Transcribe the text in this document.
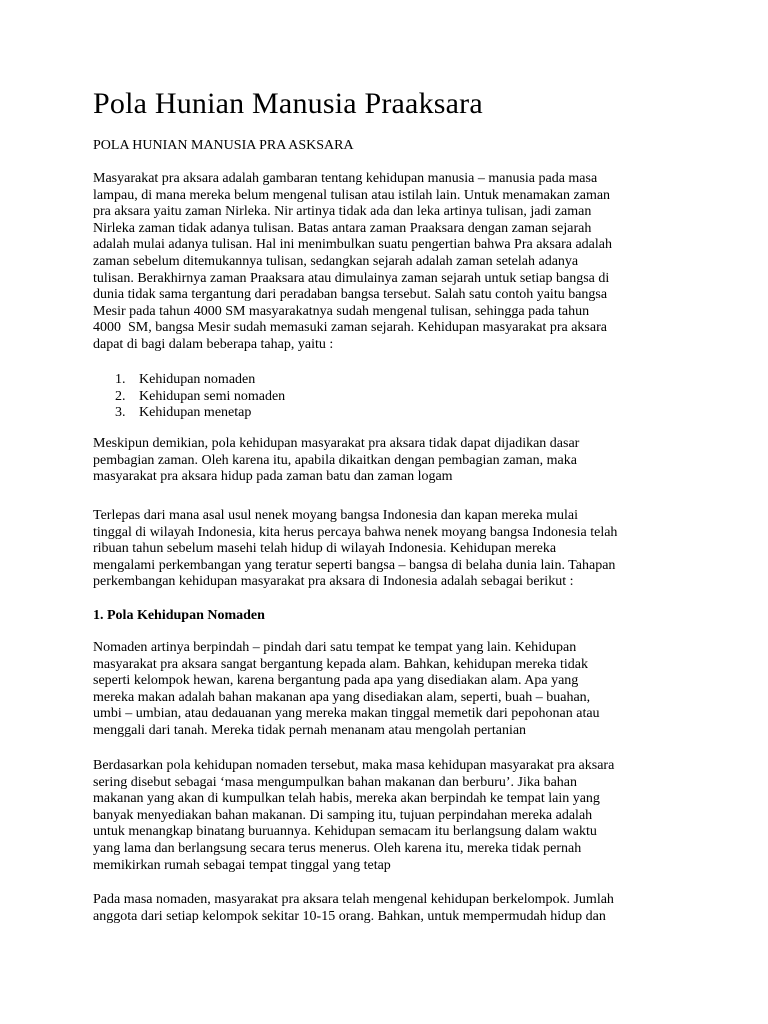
Pola Hunian Manusia Praaksara
POLA HUNIAN MANUSIA PRA ASKSARA

Masyarakat pra aksara adalah gambaran tentang kehidupan manusia – manusia pada masa
lampau, di mana mereka belum mengenal tulisan atau istilah lain. Untuk menamakan zaman
pra aksara yaitu zaman Nirleka. Nir artinya tidak ada dan leka artinya tulisan, jadi zaman
Nirleka zaman tidak adanya tulisan. Batas antara zaman Praaksara dengan zaman sejarah
adalah mulai adanya tulisan. Hal ini menimbulkan suatu pengertian bahwa Pra aksara adalah
zaman sebelum ditemukannya tulisan, sedangkan sejarah adalah zaman setelah adanya
tulisan. Berakhirnya zaman Praaksara atau dimulainya zaman sejarah untuk setiap bangsa di
dunia tidak sama tergantung dari peradaban bangsa tersebut. Salah satu contoh yaitu bangsa
Mesir pada tahun 4000 SM masyarakatnya sudah mengenal tulisan, sehingga pada tahun
4000  SM, bangsa Mesir sudah memasuki zaman sejarah. Kehidupan masyarakat pra aksara
dapat di bagi dalam beberapa tahap, yaitu :

1. Kehidupan nomaden
2. Kehidupan semi nomaden
3. Kehidupan menetap

Meskipun demikian, pola kehidupan masyarakat pra aksara tidak dapat dijadikan dasar
pembagian zaman. Oleh karena itu, apabila dikaitkan dengan pembagian zaman, maka
masyarakat pra aksara hidup pada zaman batu dan zaman logam

Terlepas dari mana asal usul nenek moyang bangsa Indonesia dan kapan mereka mulai
tinggal di wilayah Indonesia, kita herus percaya bahwa nenek moyang bangsa Indonesia telah
ribuan tahun sebelum masehi telah hidup di wilayah Indonesia. Kehidupan mereka
mengalami perkembangan yang teratur seperti bangsa – bangsa di belaha dunia lain. Tahapan
perkembangan kehidupan masyarakat pra aksara di Indonesia adalah sebagai berikut :

1. Pola Kehidupan Nomaden

Nomaden artinya berpindah – pindah dari satu tempat ke tempat yang lain. Kehidupan
masyarakat pra aksara sangat bergantung kepada alam. Bahkan, kehidupan mereka tidak
seperti kelompok hewan, karena bergantung pada apa yang disediakan alam. Apa yang
mereka makan adalah bahan makanan apa yang disediakan alam, seperti, buah – buahan,
umbi – umbian, atau dedauanan yang mereka makan tinggal memetik dari pepohonan atau
menggali dari tanah. Mereka tidak pernah menanam atau mengolah pertanian

Berdasarkan pola kehidupan nomaden tersebut, maka masa kehidupan masyarakat pra aksara
sering disebut sebagai ‘masa mengumpulkan bahan makanan dan berburu’. Jika bahan
makanan yang akan di kumpulkan telah habis, mereka akan berpindah ke tempat lain yang
banyak menyediakan bahan makanan. Di samping itu, tujuan perpindahan mereka adalah
untuk menangkap binatang buruannya. Kehidupan semacam itu berlangsung dalam waktu
yang lama dan berlangsung secara terus menerus. Oleh karena itu, mereka tidak pernah
memikirkan rumah sebagai tempat tinggal yang tetap

Pada masa nomaden, masyarakat pra aksara telah mengenal kehidupan berkelompok. Jumlah
anggota dari setiap kelompok sekitar 10-15 orang. Bahkan, untuk mempermudah hidup dan
